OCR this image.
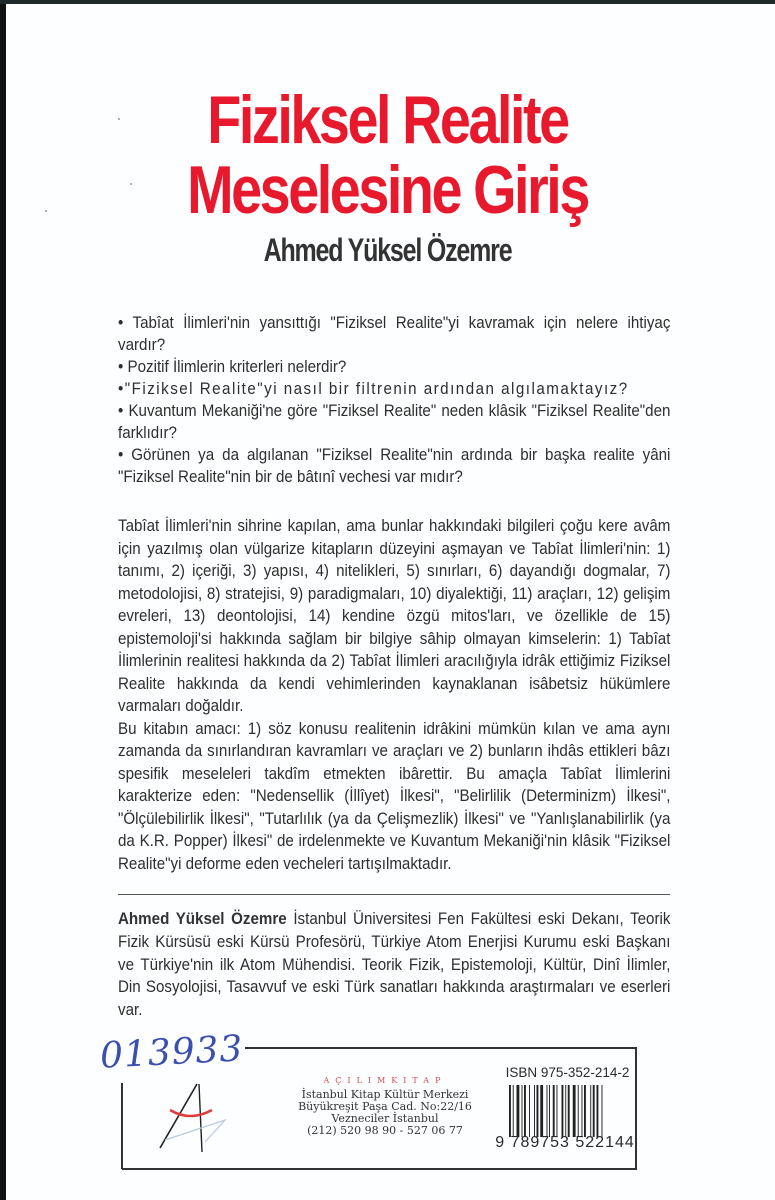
Fiziksel Realite
Meselesine Giriş
Ahmed Yüksel Özemre

• Tabîat İlimleri'nin yansıttığı "Fiziksel Realite"yi kavramak için nelere ihtiyaç vardır?

• Pozitif İlimlerin kriterleri nelerdir?

•"Fiziksel Realite"yi nasıl bir filtrenin ardından algılamaktayız?

• Kuvantum Mekaniği'ne göre "Fiziksel Realite" neden klâsik "Fiziksel Realite"den farklıdır?

• Görünen ya da algılanan "Fiziksel Realite"nin ardında bir başka realite yâni "Fiziksel Realite"nin bir de bâtınî vechesi var mıdır?

Tabîat İlimleri'nin sihrine kapılan, ama bunlar hakkındaki bilgileri çoğu kere avâm için yazılmış olan vülgarize kitapların düzeyini aşmayan ve Tabîat İlimleri'nin: 1) tanımı, 2) içeriği, 3) yapısı, 4) nitelikleri, 5) sınırları, 6) dayandığı dogmalar, 7) metodolojisi, 8) stratejisi, 9) paradigmaları, 10) diyalektiği, 11) araçları, 12) gelişim evreleri, 13) deontolojisi, 14) kendine özgü mitos'ları, ve özellikle de 15) epistemoloji'si hakkında sağlam bir bilgiye sâhip olmayan kimselerin: 1) Tabîat İlimlerinin realitesi hakkında da 2) Tabîat İlimleri aracılığıyla idrâk ettiğimiz Fiziksel Realite hakkında da kendi vehimlerinden kaynaklanan isâbetsiz hükümlere varmaları doğaldır.

Bu kitabın amacı: 1) söz konusu realitenin idrâkini mümkün kılan ve ama aynı zamanda da sınırlandıran kavramları ve araçları ve 2) bunların ihdâs ettikleri bâzı spesifik meseleleri takdîm etmekten ibârettir. Bu amaçla Tabîat İlimlerini karakterize eden: "Nedensellik (İllîyet) İlkesi", "Belirlilik (Determinizm) İlkesi", "Ölçülebilirlik İlkesi", "Tutarlılık (ya da Çelişmezlik) İlkesi" ve "Yanlışlanabilirlik (ya da K.R. Popper) İlkesi" de irdelenmekte ve Kuvantum Mekaniği'nin klâsik "Fiziksel Realite"yi deforme eden vecheleri tartışılmaktadır.

Ahmed Yüksel Özemre İstanbul Üniversitesi Fen Fakültesi eski Dekanı, Teorik Fizik Kürsüsü eski Kürsü Profesörü, Türkiye Atom Enerjisi Kurumu eski Başkanı ve Türkiye'nin ilk Atom Mühendisi. Teorik Fizik, Epistemoloji, Kültür, Dinî İlimler, Din Sosyolojisi, Tasavvuf ve eski Türk sanatları hakkında araştırmaları ve eserleri var.

013933
AÇILIMKITAP
İstanbul Kitap Kültür Merkezi
Büyükreşit Paşa Cad. No:22/16
Vezneciler İstanbul
(212) 520 98 90 - 527 06 77
ISBN 975-352-214-2
9 789753 522144
